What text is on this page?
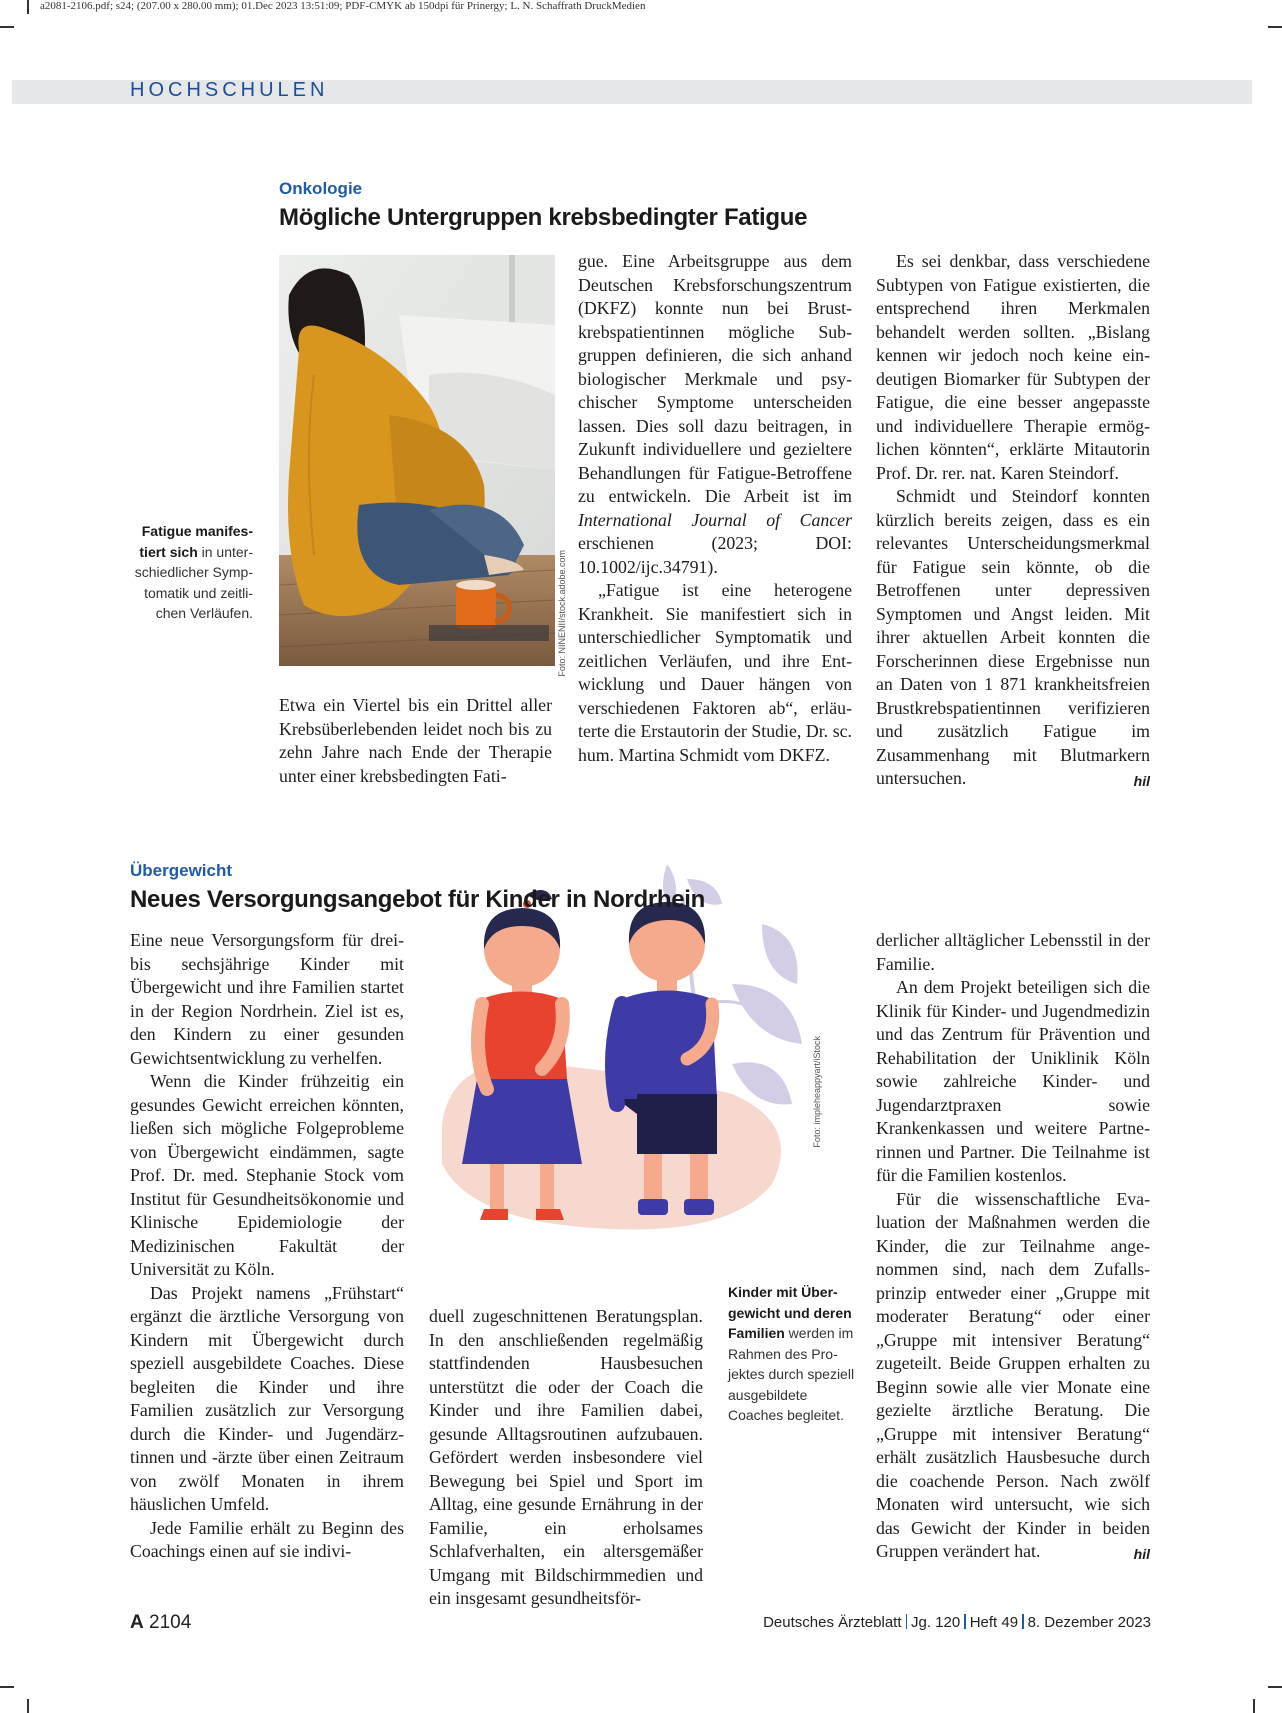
a2081-2106.pdf; s24; (207.00 x 280.00 mm); 01.Dec 2023 13:51:09; PDF-CMYK ab 150dpi für Prinergy; L. N. Schaffrath DruckMedien
HOCHSCHULEN
Onkologie
Mögliche Untergruppen krebsbedingter Fatigue
Foto: NINENII/stock.adobe.com
Fatigue manifes- tiert sich in unter- schiedlicher Symp- tomatik und zeitli- chen Verläufen.

Etwa ein Viertel bis ein Drittel aller Krebsüberlebenden leidet noch bis zu zehn Jahre nach Ende der Therapie unter einer krebsbedingten Fati-

gue. Eine Arbeitsgruppe aus dem Deutschen Krebsforschungszentrum (DKFZ) konnte nun bei Brustkrebspatientinnen mögliche Subgruppen definieren, die sich anhand biologischer Merkmale und psychischer Symptome unterscheiden lassen. Dies soll dazu beitragen, in Zukunft individuellere und gezieltere Behandlungen für Fatigue-Betroffene zu entwickeln. Die Arbeit ist im International Journal of Cancer erschienen (2023; DOI: 10.1002/ijc.34791).

„Fatigue ist eine heterogene Krankheit. Sie manifestiert sich in unterschiedlicher Symptomatik und zeitlichen Verläufen, und ihre Entwicklung und Dauer hängen von verschiedenen Faktoren ab“, erläuterte die Erstautorin der Studie, Dr. sc. hum. Martina Schmidt vom DKFZ.

Es sei denkbar, dass verschiedene Subtypen von Fatigue existierten, die entsprechend ihren Merkmalen behandelt werden sollten. „Bislang kennen wir jedoch noch keine eindeutigen Biomarker für Subtypen der Fatigue, die eine besser angepasste und individuellere Therapie ermöglichen könnten“, erklärte Mitautorin Prof. Dr. rer. nat. Karen Steindorf.

Schmidt und Steindorf konnten kürzlich bereits zeigen, dass es ein relevantes Unterscheidungsmerkmal für Fatigue sein könnte, ob die Betroffenen unter depressiven Symptomen und Angst leiden. Mit ihrer aktuellen Arbeit konnten die Forscherinnen diese Ergebnisse nun an Daten von 1 871 krankheitsfreien Brustkrebspatientinnen verifizieren und zusätzlich Fatigue im Zusammenhang mit Blutmarkern untersuchen.	hil

Foto: impleheappyart/iStock
Übergewicht
Neues Versorgungsangebot für Kinder in Nordrhein

Eine neue Versorgungsform für drei- bis sechsjährige Kinder mit Übergewicht und ihre Familien startet in der Region Nordrhein. Ziel ist es, den Kindern zu einer gesunden Gewichtsentwicklung zu verhelfen.

Wenn die Kinder frühzeitig ein gesundes Gewicht erreichen könnten, ließen sich mögliche Folgeprobleme von Übergewicht eindämmen, sagte Prof. Dr. med. Stephanie Stock vom Institut für Gesundheitsökonomie und Klinische Epidemiologie der Medizinischen Fakultät der Universität zu Köln.

Das Projekt namens „Frühstart“ ergänzt die ärztliche Versorgung von Kindern mit Übergewicht durch speziell ausgebildete Coaches. Diese begleiten die Kinder und ihre Familien zusätzlich zur Versorgung durch die Kinder- und Jugendärztinnen und -ärzte über einen Zeitraum von zwölf Monaten in ihrem häuslichen Umfeld.

Jede Familie erhält zu Beginn des Coachings einen auf sie indivi-

duell zugeschnittenen Beratungsplan. In den anschließenden regelmäßig stattfindenden Hausbesuchen unterstützt die oder der Coach die Kinder und ihre Familien dabei, gesunde Alltagsroutinen aufzubauen. Gefördert werden insbesondere viel Bewegung bei Spiel und Sport im Alltag, eine gesunde Ernährung in der Familie, ein erholsames Schlafverhalten, ein altersgemäßer Umgang mit Bildschirmmedien und ein insgesamt gesundheitsför-

Kinder mit Übergewicht und deren Familien werden im Rahmen des Projektes durch speziell ausgebildete Coaches begleitet.

derlicher alltäglicher Lebensstil in der Familie.

An dem Projekt beteiligen sich die Klinik für Kinder- und Jugendmedizin und das Zentrum für Prävention und Rehabilitation der Uniklinik Köln sowie zahlreiche Kinder- und Jugendarztpraxen sowie Krankenkassen und weitere Partnerinnen und Partner. Die Teilnahme ist für die Familien kostenlos.

Für die wissenschaftliche Evaluation der Maßnahmen werden die Kinder, die zur Teilnahme angenommen sind, nach dem Zufallsprinzip entweder einer „Gruppe mit moderater Beratung“ oder einer „Gruppe mit intensiver Beratung“ zugeteilt. Beide Gruppen erhalten zu Beginn sowie alle vier Monate eine gezielte ärztliche Beratung. Die „Gruppe mit intensiver Beratung“ erhält zusätzlich Hausbesuche durch die coachende Person. Nach zwölf Monaten wird untersucht, wie sich das Gewicht der Kinder in beiden Gruppen verändert hat.	hil

A 2104	Deutsches Ärzteblatt Jg. 120 Heft 49 8. Dezember 2023
